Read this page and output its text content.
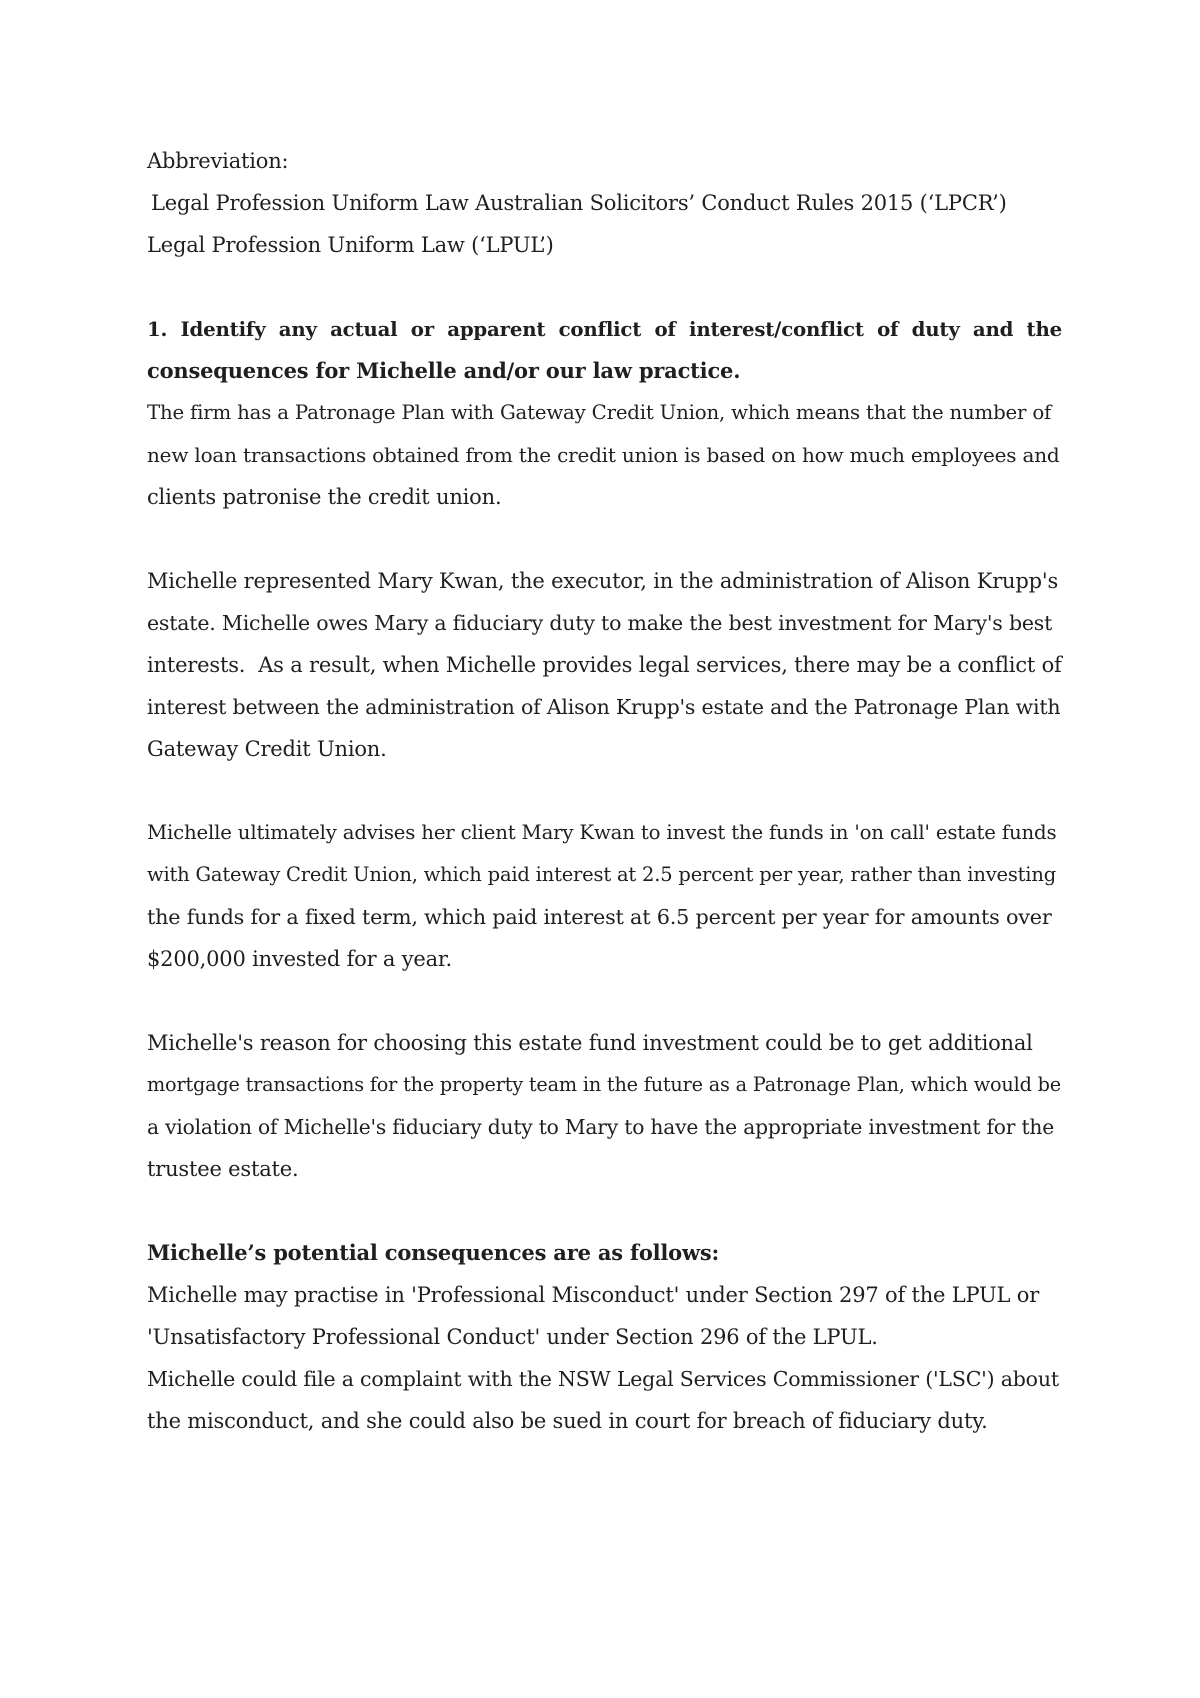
Abbreviation:

Legal Profession Uniform Law Australian Solicitors’ Conduct Rules 2015 (‘LPCR’)

Legal Profession Uniform Law (‘LPUL’)

1. Identify any actual or apparent conflict of interest/conflict of duty and the
consequences for Michelle and/or our law practice.

The firm has a Patronage Plan with Gateway Credit Union, which means that the number of

new loan transactions obtained from the credit union is based on how much employees and

clients patronise the credit union.

Michelle represented Mary Kwan, the executor, in the administration of Alison Krupp's

estate. Michelle owes Mary a fiduciary duty to make the best investment for Mary's best

interests.  As a result, when Michelle provides legal services, there may be a conflict of

interest between the administration of Alison Krupp's estate and the Patronage Plan with

Gateway Credit Union.

Michelle ultimately advises her client Mary Kwan to invest the funds in 'on call' estate funds

with Gateway Credit Union, which paid interest at 2.5 percent per year, rather than investing

the funds for a fixed term, which paid interest at 6.5 percent per year for amounts over

$200,000 invested for a year.

Michelle's reason for choosing this estate fund investment could be to get additional

mortgage transactions for the property team in the future as a Patronage Plan, which would be

a violation of Michelle's fiduciary duty to Mary to have the appropriate investment for the

trustee estate.

Michelle’s potential consequences are as follows:

Michelle may practise in 'Professional Misconduct' under Section 297 of the LPUL or

'Unsatisfactory Professional Conduct' under Section 296 of the LPUL.

Michelle could file a complaint with the NSW Legal Services Commissioner ('LSC') about

the misconduct, and she could also be sued in court for breach of fiduciary duty.
